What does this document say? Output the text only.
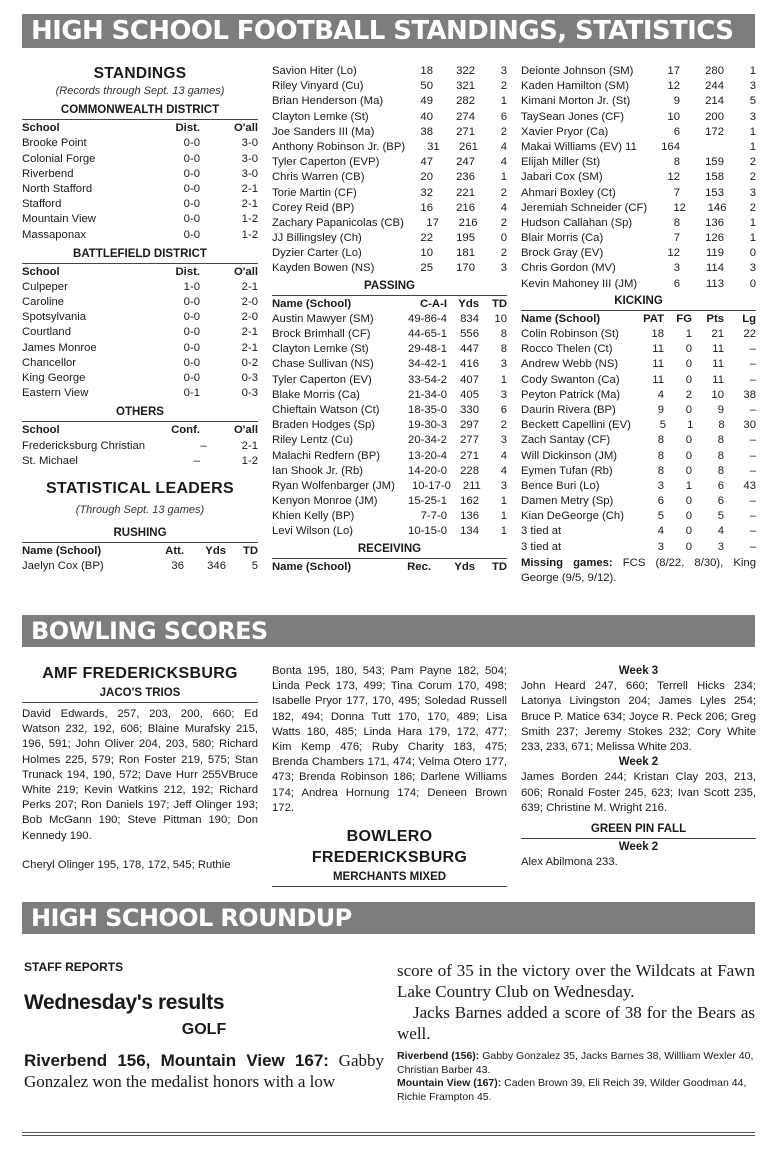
HIGH SCHOOL FOOTBALL STANDINGS, STATISTICS
BOWLING SCORES
HIGH SCHOOL ROUNDUP
STANDINGS
(Records through Sept. 13 games)
COMMONWEALTH DISTRICT
School	Dist.	O'all
Brooke Point	0-0	3-0
Colonial Forge	0-0	3-0
Riverbend	0-0	3-0
North Stafford	0-0	2-1
Stafford	0-0	2-1
Mountain View	0-0	1-2
Massaponax	0-0	1-2
BATTLEFIELD DISTRICT
School	Dist.	O'all
Culpeper	1-0	2-1
Caroline	0-0	2-0
Spotsylvania	0-0	2-0
Courtland	0-0	2-1
James Monroe	0-0	2-1
Chancellor	0-0	0-2
King George	0-0	0-3
Eastern View	0-1	0-3
OTHERS
School	Conf.	O'all
Fredericksburg Christian	–	2-1
St. Michael	–	1-2
STATISTICAL LEADERS
(Through Sept. 13 games)
RUSHING
Name (School)	Att.	Yds	TD
Jaelyn Cox (BP)	36	346	5
Savion Hiter (Lo)	18	322	3
Riley Vinyard (Cu)	50	321	2
Brian Henderson (Ma)	49	282	1
Clayton Lemke (St)	40	274	6
Joe Sanders III (Ma)	38	271	2
Anthony Robinson Jr. (BP)	31	261	4
Tyler Caperton (EVP)	47	247	4
Chris Warren (CB)	20	236	1
Torie Martin (CF)	32	221	2
Corey Reid (BP)	16	216	4
Zachary Papanicolas (CB)	17	216	2
JJ Billingsley (Ch)	22	195	0
Dyzier Carter (Lo)	10	181	2
Kayden Bowen (NS)	25	170	3
PASSING
Name (School)	C-A-I Yds	TD
Austin Mawyer (SM)	49-86-4	834	10
Brock Brimhall (CF)	44-65-1	556	8
Clayton Lemke (St)	29-48-1	447	8
Chase Sullivan (NS)	34-42-1	416	3
Tyler Caperton (EV)	33-54-2	407	1
Blake Morris (Ca)	21-34-0	405	3
Chieftain Watson (Ct)	18-35-0	330	6
Braden Hodges (Sp)	19-30-3	297	2
Riley Lentz (Cu)	20-34-2	277	3
Malachi Redfern (BP)	13-20-4	271	4
Ian Shook Jr. (Rb)	14-20-0	228	4
Ryan Wolfenbarger (JM)	10-17-0	211	3
Kenyon Monroe (JM)	15-25-1	162	1
Khien Kelly (BP)	7-7-0	136	1
Levi Wilson (Lo)	10-15-0	134	1
RECEIVING
Name (School)	Rec.	Yds	TD
Deionte Johnson (SM)	17	280	1
Kaden Hamilton (SM)	12	244	3
Kimani Morton Jr. (St)	9	214	5
TaySean Jones (CF)	10	200	3
Xavier Pryor (Ca)	6	172	1
Makai Williams (EV) 11	164	1
Elijah Miller (St)	8	159	2
Jabari Cox (SM)	12	158	2
Ahmari Boxley (Ct)	7	153	3
Jeremiah Schneider (CF)	12	146	2
Hudson Callahan (Sp)	8	136	1
Blair Morris (Ca)	7	126	1
Brock Gray (EV)	12	119	0
Chris Gordon (MV)	3	114	3
Kevin Mahoney III (JM)	6	113	0
KICKING
Name (School)	PAT	FG	Pts	Lg
Colin Robinson (St)	18	1	21	22
Rocco Thelen (Ct)	11	0	11	–
Andrew Webb (NS)	11	0	11	–
Cody Swanton (Ca)	11	0	11	–
Peyton Patrick (Ma)	4	2	10	38
Daurin Rivera (BP)	9	0	9	–
Beckett Capellini (EV)	5	1	8	30
Zach Santay (CF)	8	0	8	–
Will Dickinson (JM)	8	0	8	–
Eymen Tufan (Rb)	8	0	8	–
Bence Buri (Lo)	3	1	6	43
Damen Metry (Sp)	6	0	6	–
Kian DeGeorge (Ch)	5	0	5	–
3 tied at	4	0	4	–
3 tied at	3	0	3	–
Missing games: FCS (8/22, 8/30), King George (9/5, 9/12).
AMF FREDERICKSBURG
JACO'S TRIOS
David Edwards, 257, 203, 200, 660; Ed Watson 232, 192, 606; Blaine Murafsky 215, 196, 591; John Oliver 204, 203, 580; Richard Holmes 225, 579; Ron Foster 219, 575; Stan Trunack 194, 190, 572; Dave Hurr 255VBruce White 219; Kevin Watkins 212, 192; Richard Perks 207; Ron Daniels 197; Jeff Olinger 193; Bob McGann 190; Steve Pittman 190; Don Kennedy 190.
Cheryl Olinger 195, 178, 172, 545; Ruthie
Bonta 195, 180, 543; Pam Payne 182, 504; Linda Peck 173, 499; Tina Corum 170, 498; Isabelle Pryor 177, 170, 495; Soledad Russell 182, 494; Donna Tutt 170, 170, 489; Lisa Watts 180, 485; Linda Hara 179, 172, 477; Kim Kemp 476; Ruby Charity 183, 475; Brenda Chambers 171, 474; Velma Otero 177, 473; Brenda Robinson 186; Darlene Williams 174; Andrea Hornung 174; Deneen Brown 172.
BOWLERO
FREDERICKSBURG
MERCHANTS MIXED
Week 3
John Heard 247, 660; Terrell Hicks 234; Latonya Livingston 204; James Lyles 254; Bruce P. Matice 634; Joyce R. Peck 206; Greg Smith 237; Jeremy Stokes 232; Cory White 233, 233, 671; Melissa White 203.
Week 2
James Borden 244; Kristan Clay 203, 213, 606; Ronald Foster 245, 623; Ivan Scott 235, 639; Christine M. Wright 216.
GREEN PIN FALL
Week 2
Alex Abilmona 233.
STAFF REPORTS
Wednesday's results
GOLF
Riverbend 156, Mountain View 167: Gabby Gonzalez won the medalist honors with a low
score of 35 in the victory over the Wildcats at Fawn Lake Country Club on Wednesday.
Jacks Barnes added a score of 38 for the Bears as well.
Riverbend (156): Gabby Gonzalez 35, Jacks Barnes 38, Willliam Wexler 40, Christian Barber 43.
Mountain View (167): Caden Brown 39, Eli Reich 39, Wilder Goodman 44, Richie Frampton 45.
